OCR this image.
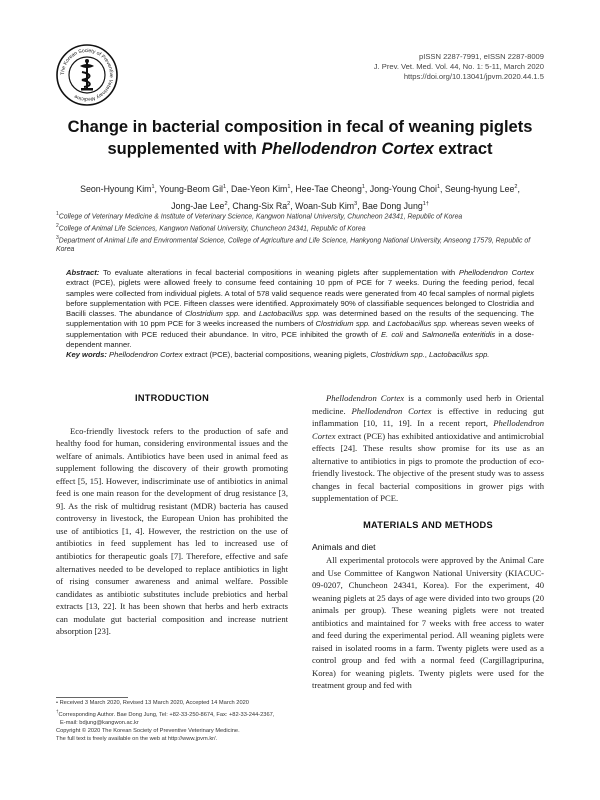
The Korean Society of Preventive Veterinary Medicine
pISSN 2287-7991, eISSN 2287-8009
J. Prev. Vet. Med. Vol. 44, No. 1: 5-11, March 2020
https://doi.org/10.13041/jpvm.2020.44.1.5
Change in bacterial composition in fecal of weaning piglets
supplemented with Phellodendron Cortex extract
Seon-Hyoung Kim$^1$, Young-Beom Gil$^1$, Dae-Yeon Kim$^1$, Hee-Tae Cheong$^1$, Jong-Young Choi$^1$, Seung-hyung Lee$^2$,
Jong-Jae Lee$^2$, Chang-Six Ra$^2$, Woan-Sub Kim$^3$, Bae Dong Jung$^{1\dagger}$
$^1$College of Veterinary Medicine & Institute of Veterinary Science, Kangwon National University, Chuncheon 24341, Republic of Korea
$^2$College of Animal Life Sciences, Kangwon National University, Chuncheon 24341, Republic of Korea
$^3$Department of Animal Life and Environmental Science, College of Agriculture and Life Science, Hankyong National University, Anseong 17579, Republic of Korea
Abstract: To evaluate alterations in fecal bacterial compositions in weaning piglets after supplementation with Phellodendron Cortex extract (PCE), piglets were allowed freely to consume feed containing 10 ppm of PCE for 7 weeks. During the feeding period, fecal samples were collected from individual piglets. A total of 578 valid sequence reads were generated from 40 fecal samples of normal piglets before supplementation with PCE. Fifteen classes were identified. Approximately 90% of classifiable sequences belonged to Clostridia and Bacilli classes. The abundance of Clostridium spp. and Lactobacillus spp. was determined based on the results of the sequencing. The supplementation with 10 ppm PCE for 3 weeks increased the numbers of Clostridium spp. and Lactobacillus spp. whereas seven weeks of supplementation with PCE reduced their abundance. In vitro, PCE inhibited the growth of E. coli and Salmonella enteritidis in a dose-dependent manner.
Key words: Phellodendron Cortex extract (PCE), bacterial compositions, weaning piglets, Clostridium spp., Lactobacillus spp.
INTRODUCTION

Eco-friendly livestock refers to the production of safe and healthy food for human, considering environmental issues and the welfare of animals. Antibiotics have been used in animal feed as supplement following the discovery of their growth promoting effect [5, 15]. However, indiscriminate use of antibiotics in animal feed is one main reason for the development of drug resistance [3, 9]. As the risk of multidrug resistant (MDR) bacteria has caused controversy in livestock, the European Union has prohibited the use of antibiotics [1, 4]. However, the restriction on the use of antibiotics in feed supplement has led to increased use of antibiotics for therapeutic goals [7]. Therefore, effective and safe alternatives needed to be developed to replace antibiotics in light of rising consumer awareness and animal welfare. Possible candidates as antibiotic substitutes include prebiotics and herbal extracts [13, 22]. It has been shown that herbs and herb extracts can modulate gut bacterial composition and increase nutrient absorption [23].

Phellodendron Cortex is a commonly used herb in Oriental medicine. Phellodendron Cortex is effective in reducing gut inflammation [10, 11, 19]. In a recent report, Phellodendron Cortex extract (PCE) has exhibited antioxidative and antimicrobial effects [24]. These results show promise for its use as an alternative to antibiotics in pigs to promote the production of eco-friendly livestock. The objective of the present study was to assess changes in fecal bacterial compositions in grower pigs with supplementation of PCE.

MATERIALS AND METHODS
Animals and diet

All experimental protocols were approved by the Animal Care and Use Committee of Kangwon National University (KIACUC-09-0207, Chuncheon 24341, Korea). For the experiment, 40 weaning piglets at 25 days of age were divided into two groups (20 animals per group). These weaning piglets were not treated antibiotics and maintained for 7 weeks with free access to water and feed during the experimental period. All weaning piglets were raised in isolated rooms in a farm. Twenty piglets were used as a control group and fed with a normal feed (Cargillagripurina, Korea) for weaning piglets. Twenty piglets were used for the treatment group and fed with

• Received 3 March 2020, Revised 13 March 2020, Accepted 14 March 2020
†Corresponding Author. Bae Dong Jung, Tel: +82-33-250-8674, Fax: +82-33-244-2367,
E-mail: bdjung@kangwon.ac.kr
Copyright © 2020 The Korean Society of Preventive Veterinary Medicine.
The full text is freely available on the web at http://www.jpvm.kr/.
